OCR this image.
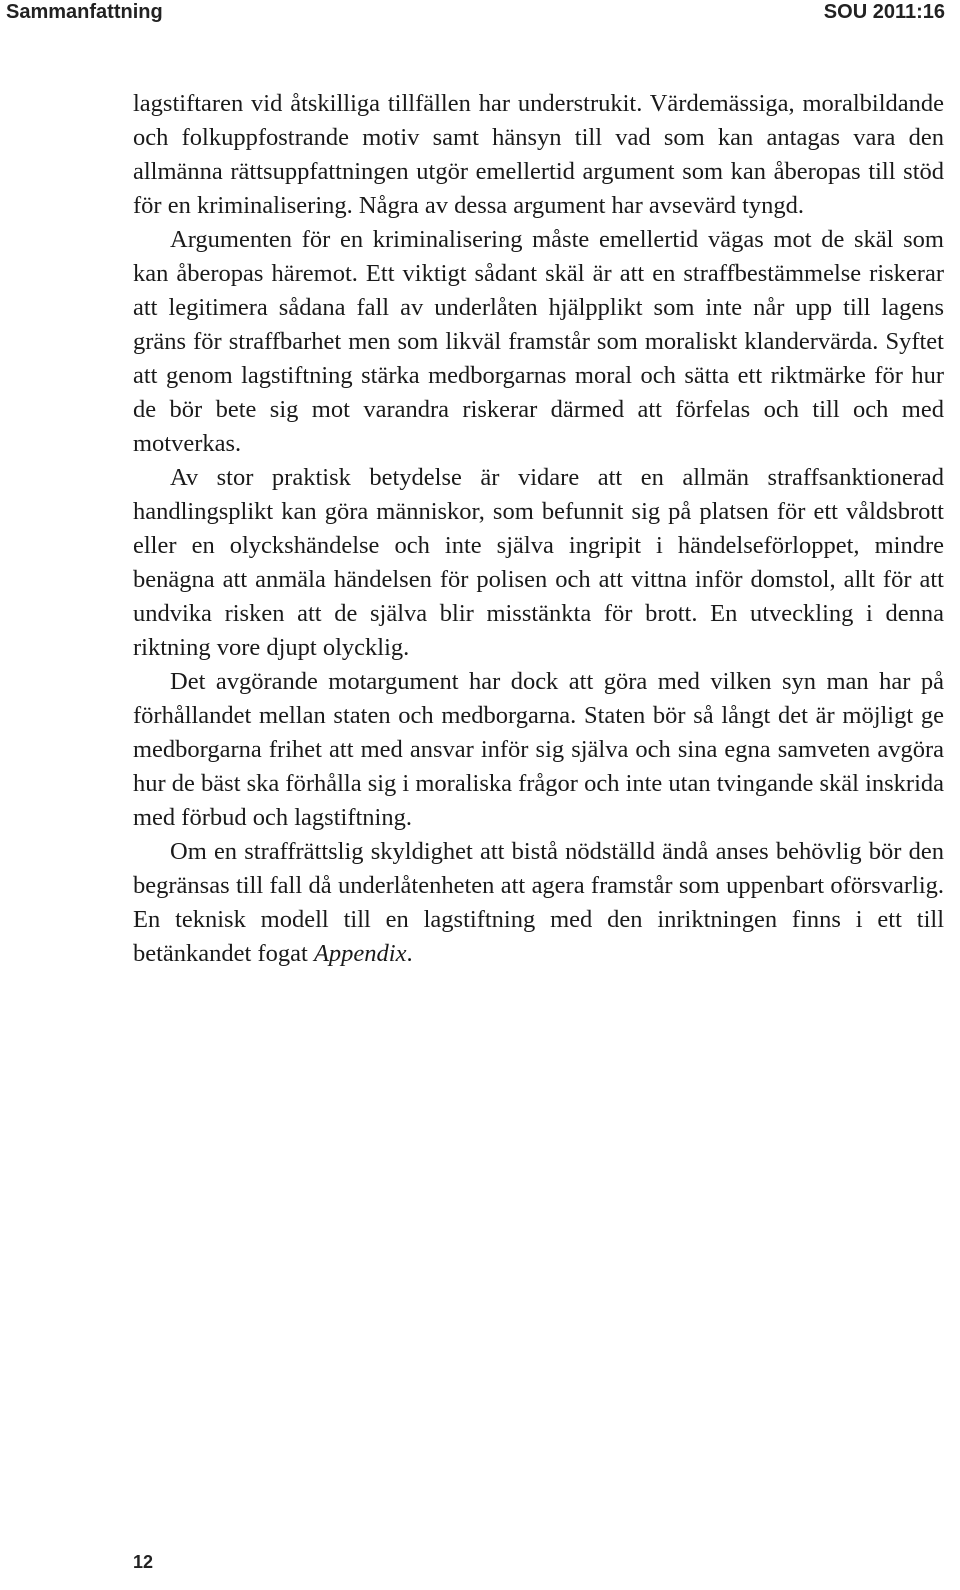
Sammanfattning	SOU 2011:16

lagstiftaren vid åtskilliga tillfällen har understrukit. Värdemässiga, moralbildande och folkuppfostrande motiv samt hänsyn till vad som kan antagas vara den allmänna rättsuppfattningen utgör emellertid argument som kan åberopas till stöd för en kriminalisering. Några av dessa argument har avsevärd tyngd.

Argumenten för en kriminalisering måste emellertid vägas mot de skäl som kan åberopas häremot. Ett viktigt sådant skäl är att en straffbestämmelse riskerar att legitimera sådana fall av underlåten hjälpplikt som inte når upp till lagens gräns för straffbarhet men som likväl framstår som moraliskt klandervärda. Syftet att genom lagstiftning stärka medborgarnas moral och sätta ett riktmärke för hur de bör bete sig mot varandra riskerar därmed att förfelas och till och med motverkas.

Av stor praktisk betydelse är vidare att en allmän straffsanktionerad handlingsplikt kan göra människor, som befunnit sig på platsen för ett våldsbrott eller en olyckshändelse och inte själva ingripit i händelseförloppet, mindre benägna att anmäla händelsen för polisen och att vittna inför domstol, allt för att undvika risken att de själva blir misstänkta för brott. En utveckling i denna riktning vore djupt olycklig.

Det avgörande motargument har dock att göra med vilken syn man har på förhållandet mellan staten och medborgarna. Staten bör så långt det är möjligt ge medborgarna frihet att med ansvar inför sig själva och sina egna samveten avgöra hur de bäst ska förhålla sig i moraliska frågor och inte utan tvingande skäl inskrida med förbud och lagstiftning.

Om en straffrättslig skyldighet att bistå nödställd ändå anses behövlig bör den begränsas till fall då underlåtenheten att agera framstår som uppenbart oförsvarlig. En teknisk modell till en lagstiftning med den inriktningen finns i ett till betänkandet fogat Appendix.

12
